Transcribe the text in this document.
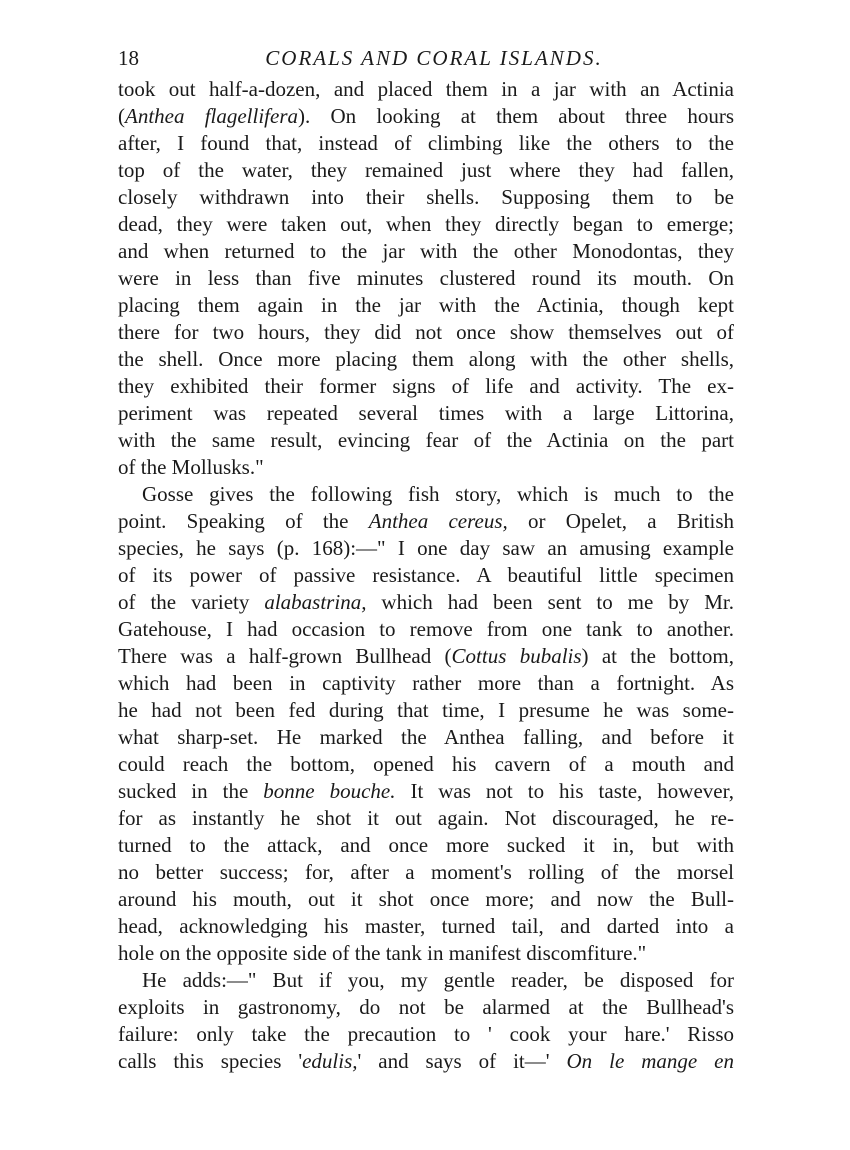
18	CORALS AND CORAL ISLANDS.
took out half-a-dozen, and placed them in a jar with an Actinia
(Anthea flagellifera). On looking at them about three hours
after, I found that, instead of climbing like the others to the
top of the water, they remained just where they had fallen,
closely withdrawn into their shells. Supposing them to be
dead, they were taken out, when they directly began to emerge;
and when returned to the jar with the other Monodontas, they
were in less than five minutes clustered round its mouth. On
placing them again in the jar with the Actinia, though kept
there for two hours, they did not once show themselves out of
the shell. Once more placing them along with the other shells,
they exhibited their former signs of life and activity. The ex-
periment was repeated several times with a large Littorina,
with the same result, evincing fear of the Actinia on the part
of the Mollusks."
Gosse gives the following fish story, which is much to the
point. Speaking of the Anthea cereus, or Opelet, a British
species, he says (p. 168):—" I one day saw an amusing example
of its power of passive resistance. A beautiful little specimen
of the variety alabastrina, which had been sent to me by Mr.
Gatehouse, I had occasion to remove from one tank to another.
There was a half-grown Bullhead (Cottus bubalis) at the bottom,
which had been in captivity rather more than a fortnight. As
he had not been fed during that time, I presume he was some-
what sharp-set. He marked the Anthea falling, and before it
could reach the bottom, opened his cavern of a mouth and
sucked in the bonne bouche. It was not to his taste, however,
for as instantly he shot it out again. Not discouraged, he re-
turned to the attack, and once more sucked it in, but with
no better success; for, after a moment's rolling of the morsel
around his mouth, out it shot once more; and now the Bull-
head, acknowledging his master, turned tail, and darted into a
hole on the opposite side of the tank in manifest discomfiture."
He adds:—" But if you, my gentle reader, be disposed for
exploits in gastronomy, do not be alarmed at the Bullhead's
failure: only take the precaution to ' cook your hare.' Risso
calls this species 'edulis,' and says of it—' On le mange en
